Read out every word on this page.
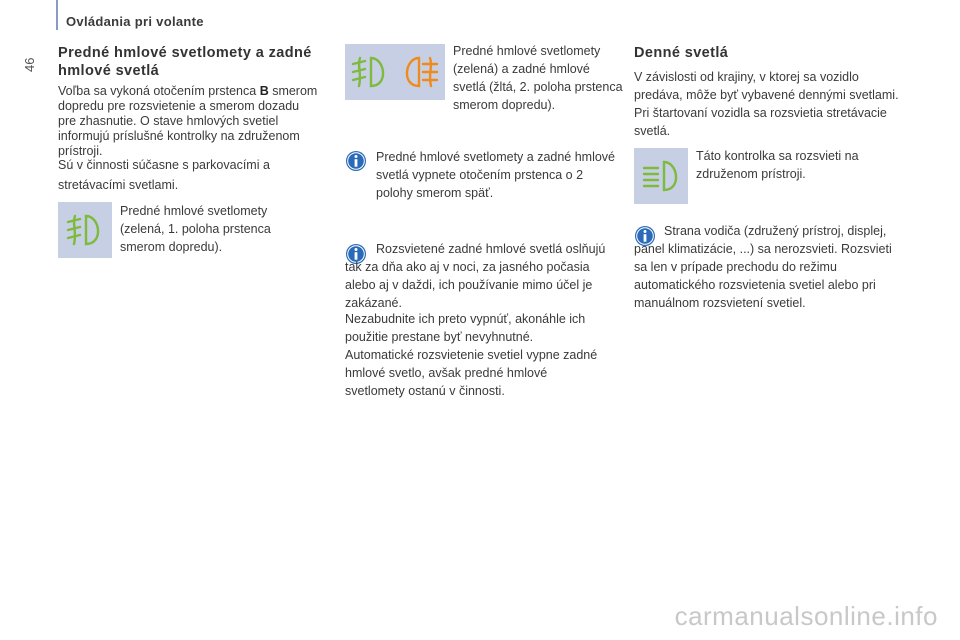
Ovládania pri volante
46
Predné hmlové svetlomety a zadné hmlové svetlá
Voľba sa vykoná otočením prstenca B smerom dopredu pre rozsvietenie a smerom dozadu pre zhasnutie. O stave hmlových svetiel informujú príslušné kontrolky na združenom prístroji.
Sú v činnosti súčasne s parkovacími a stretávacími svetlami.
Predné hmlové svetlomety (zelená, 1. poloha prstenca smerom dopredu).
Predné hmlové svetlomety (zelená) a zadné hmlové svetlá (žltá, 2. poloha prstenca smerom dopredu).
Predné hmlové svetlomety a zadné hmlové svetlá vypnete otočením prstenca o 2 polohy smerom späť.
Rozsvietené zadné hmlové svetlá oslňujú tak za dňa ako aj v noci, za jasného počasia alebo aj v daždi, ich používanie mimo účel je zakázané.
Nezabudnite ich preto vypnúť, akonáhle ich použitie prestane byť nevyhnutné.
Automatické rozsvietenie svetiel vypne zadné hmlové svetlo, avšak predné hmlové svetlomety ostanú v činnosti.
Denné svetlá
V závislosti od krajiny, v ktorej sa vozidlo predáva, môže byť vybavené dennými svetlami. Pri štartovaní vozidla sa rozsvietia stretávacie svetlá.
Táto kontrolka sa rozsvieti na združenom prístroji.
Strana vodiča (združený prístroj, displej, panel klimatizácie, ...) sa nerozsvieti. Rozsvieti sa len v prípade prechodu do režimu automatického rozsvietenia svetiel alebo pri manuálnom rozsvietení svetiel.
carmanualsonline.info
